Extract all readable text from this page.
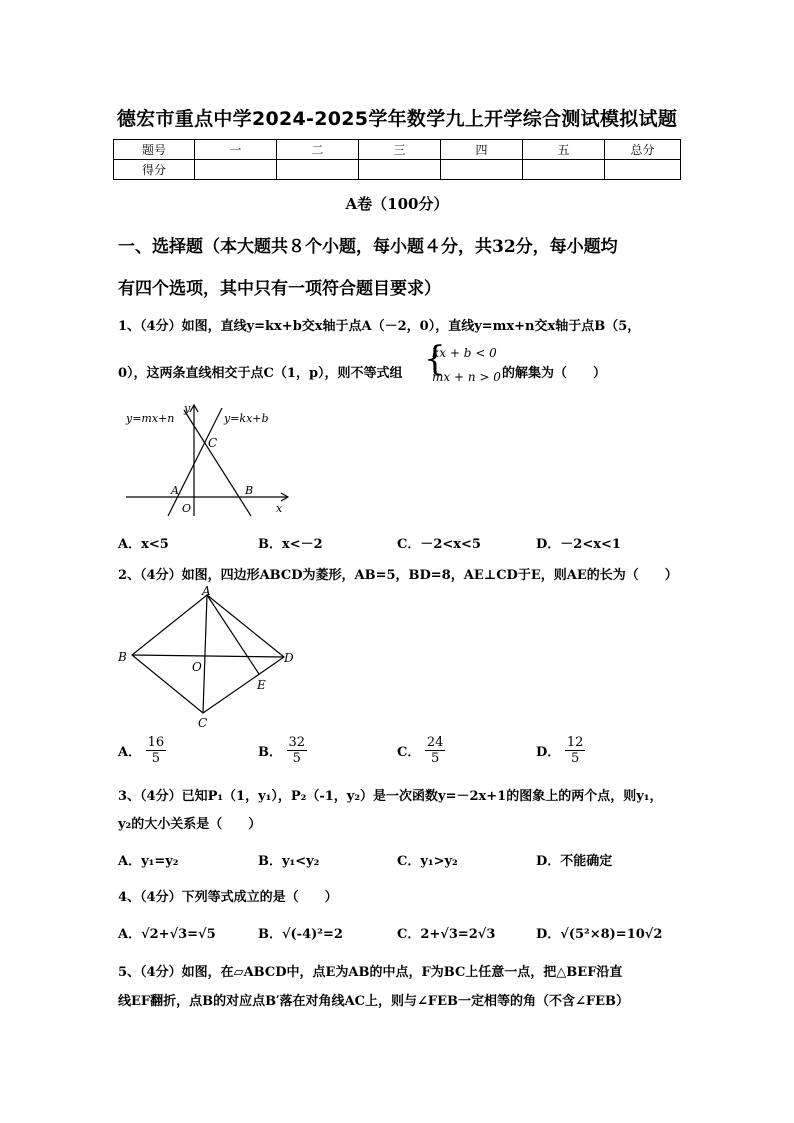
德宏市重点中学2024-2025学年数学九上开学综合测试模拟试题
题号	一	二	三	四	五	总分
得分						
A卷（100分）
一、选择题（本大题共８个小题，每小题４分，共32分，每小题均
有四个选项，其中只有一项符合题目要求）
1、（4分）如图，直线y=kx+b交x轴于点A（－2，0），直线y=mx+n交x轴于点B（5，
0），这两条直线相交于点C（1，p），则不等式组 {
kx + b < 0
mx + n > 0 的解集为（　　）
y=mx+n	y=kx+b
y
x
O
A	B
C
A．x<5	B．x<－2	C．－2<x<5	D．－2<x<1
2、（4分）如图，四边形ABCD为菱形，AB=5，BD=8，AE⊥CD于E，则AE的长为（　　）
A
B
C
D
E
O
A． $\frac{16}{5}$	B． $\frac{32}{5}$	C． $\frac{24}{5}$	D． $\frac{12}{5}$
3、（4分）已知P₁（1，y₁），P₂（-1，y₂）是一次函数y=－2x+1的图象上的两个点，则y₁，
y₂的大小关系是（　　）
A．y₁=y₂	B．y₁<y₂	C．y₁>y₂	D．不能确定
4、（4分）下列等式成立的是（　　）
A．√2+√3=√5	B．√(-4)²=2	C．2+√3=2√3	D．√(5²×8)=10√2
5、（4分）如图，在▱ABCD中，点E为AB的中点，F为BC上任意一点，把△BEF沿直
线EF翻折，点B的对应点B′落在对角线AC上，则与∠FEB一定相等的角（不含∠FEB）
